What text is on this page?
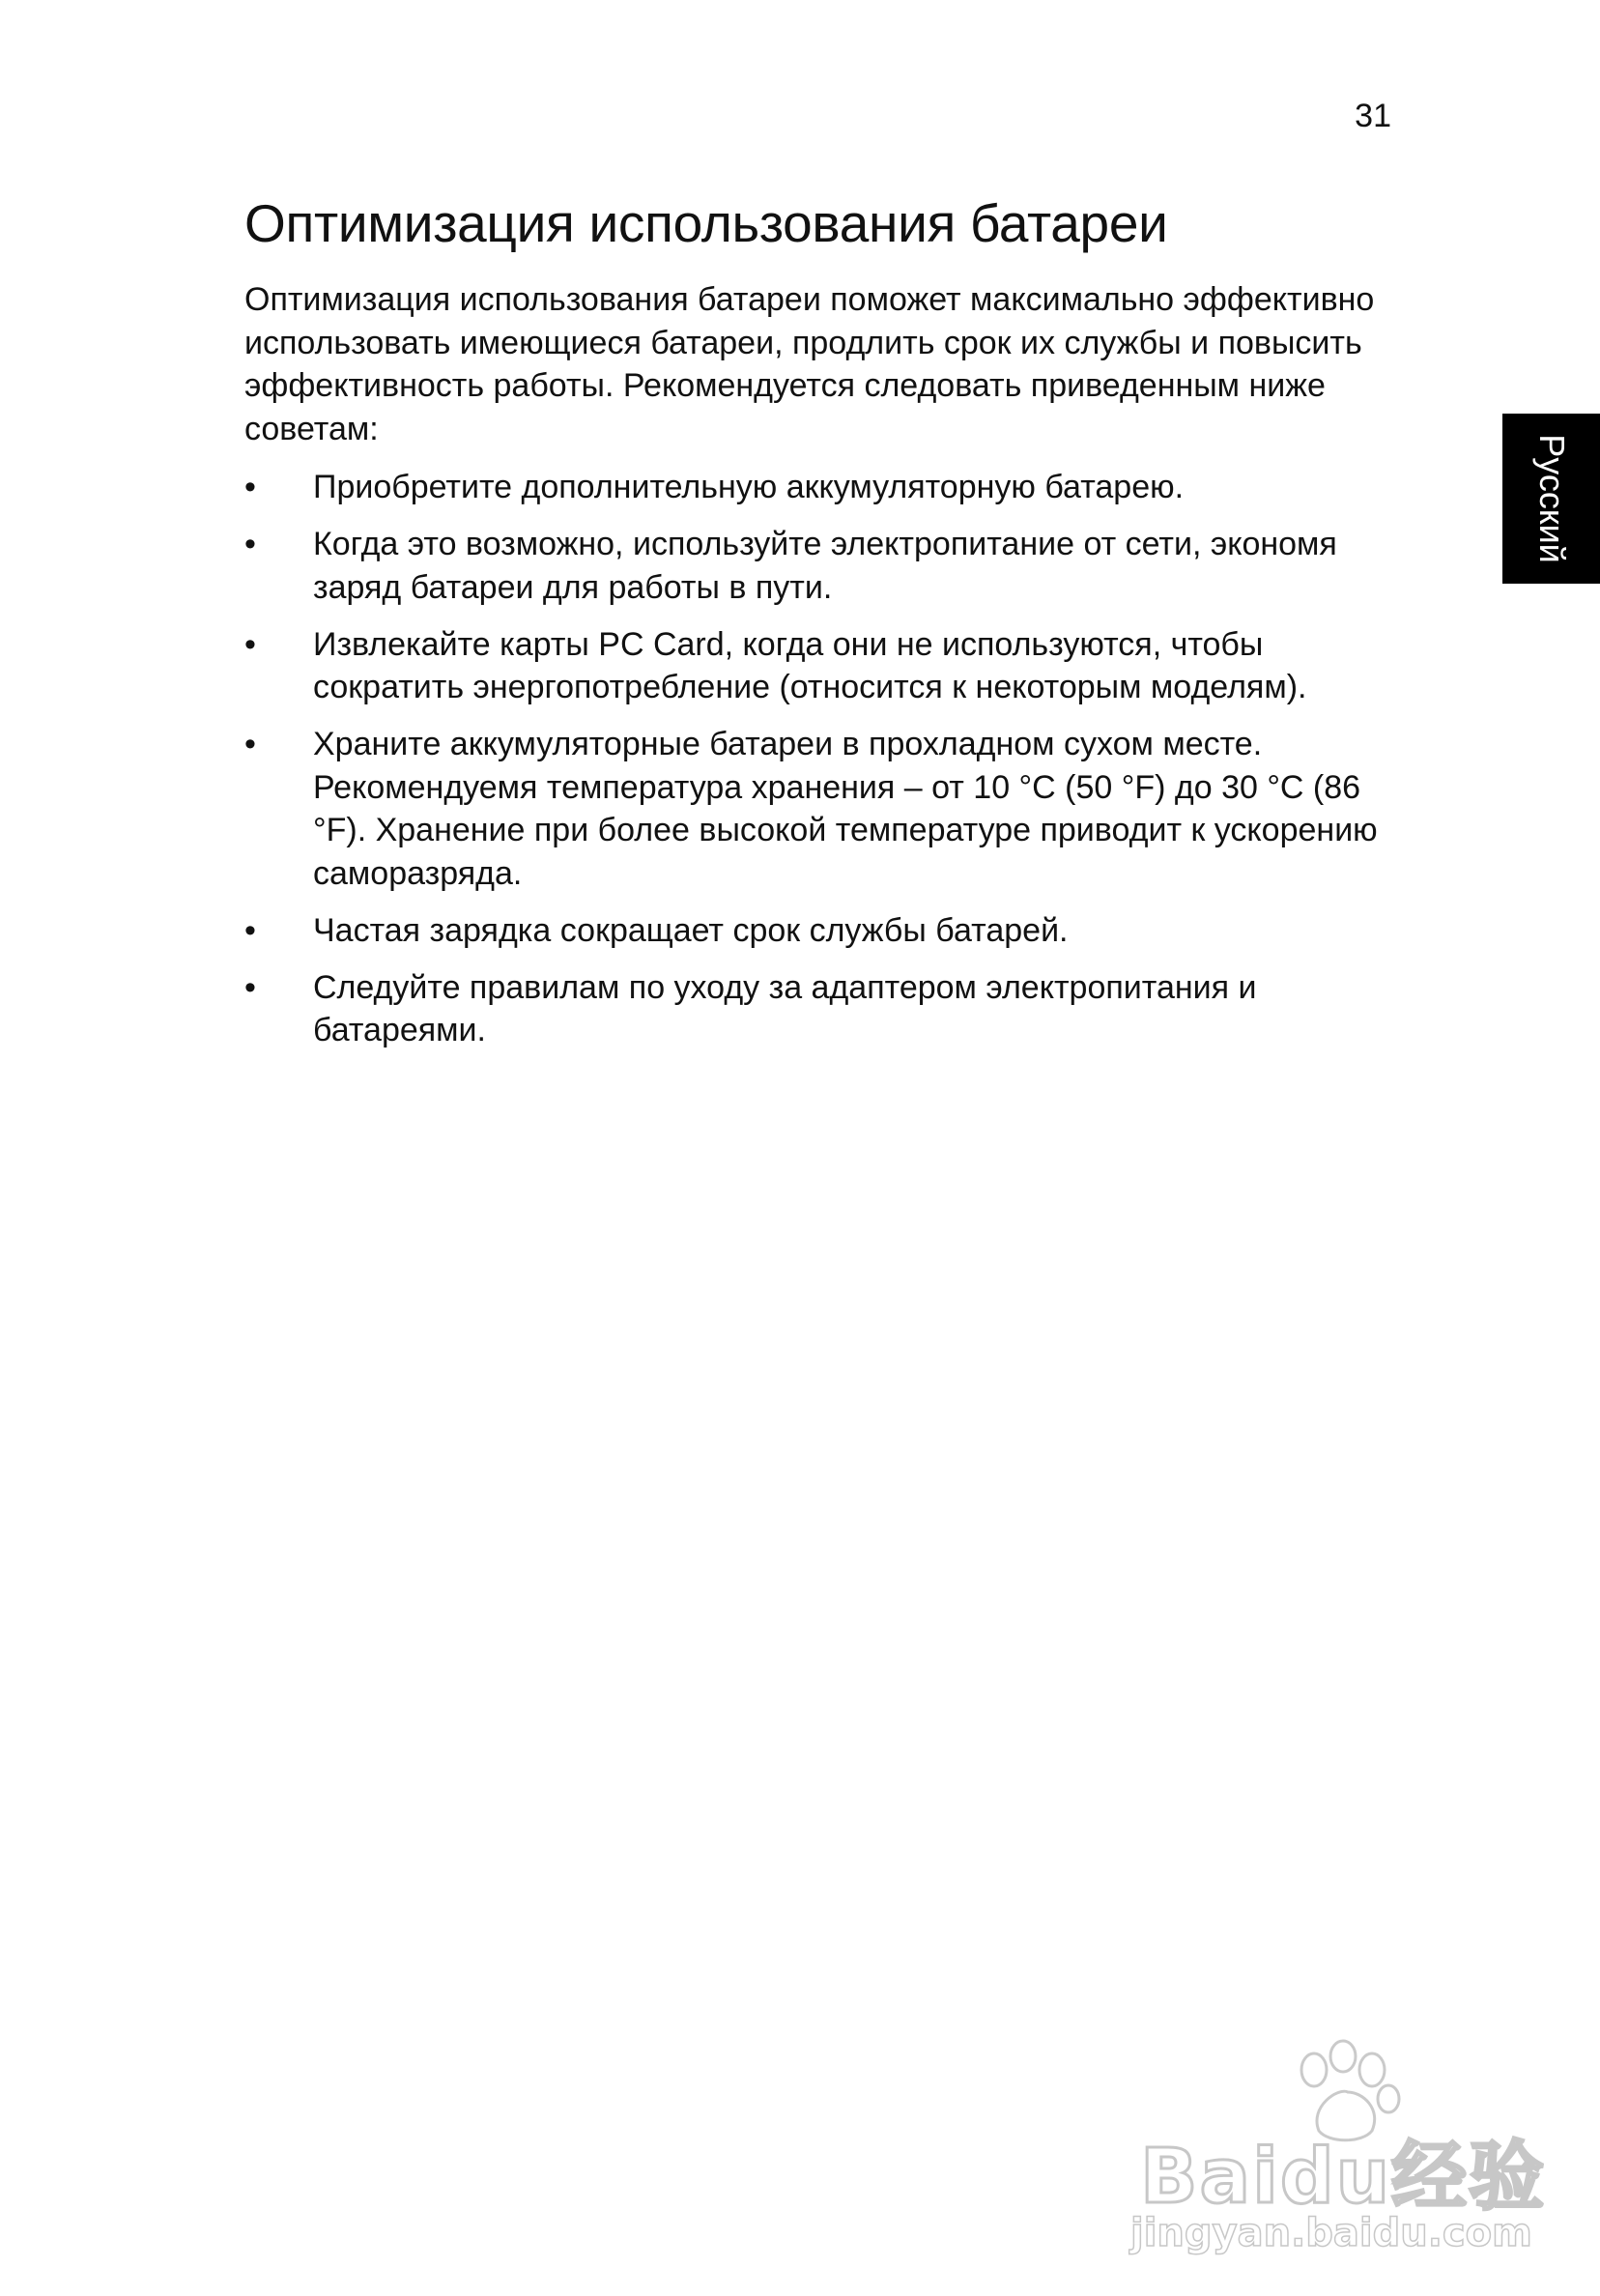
31
Русский
Оптимизация использования батареи

Оптимизация использования батареи поможет максимально эффективно использовать имеющиеся батареи, продлить срок их службы и повысить эффективность работы. Рекомендуется следовать приведенным ниже советам:

•	Приобретите дополнительную аккумуляторную батарею.
•	Когда это возможно, используйте электропитание от сети, экономя заряд батареи для работы в пути.
•	Извлекайте карты PC Card, когда они не используются, чтобы сократить энергопотребление (относится к некоторым моделям).
•	Храните аккумуляторные батареи в прохладном сухом месте. Рекомендуемя температура хранения – от 10 °C (50 °F) до 30 °C (86 °F). Хранение при более высокой температуре приводит к ускорению саморазряда.
•	Частая зарядка сокращает срок службы батарей.
•	Следуйте правилам по уходу за адаптером электропитания и батареями.
Baidu经验
jingyan.baidu.com
